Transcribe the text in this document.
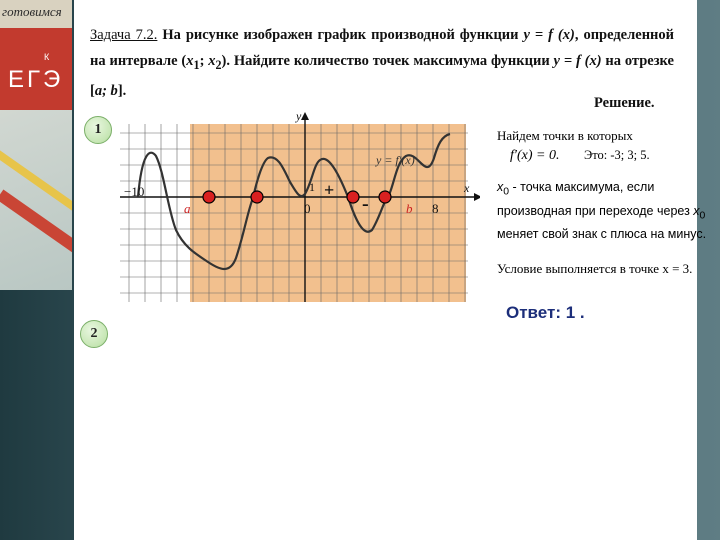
готовимся
К
ЕГЭ
Задача 7.2. На рисунке изображен график производной функции y = f (x), определенной на интервале ($x_1$; $x_2$). Найдите количество точек максимума функции y = f (x) на отрезке [a; b].
Решение.
1
2
y = f′(x)
y
x
−10
0
1
8
a	b
+
-
Найдем точки в которых
f′(x) = 0. Это: -3; 3; 5.
$x_0$ - точка максимума, если производная при переходе через $x_0$ меняет свой знак с плюса на минус.
Условие выполняется в точке x = 3.
Ответ: 1 .
